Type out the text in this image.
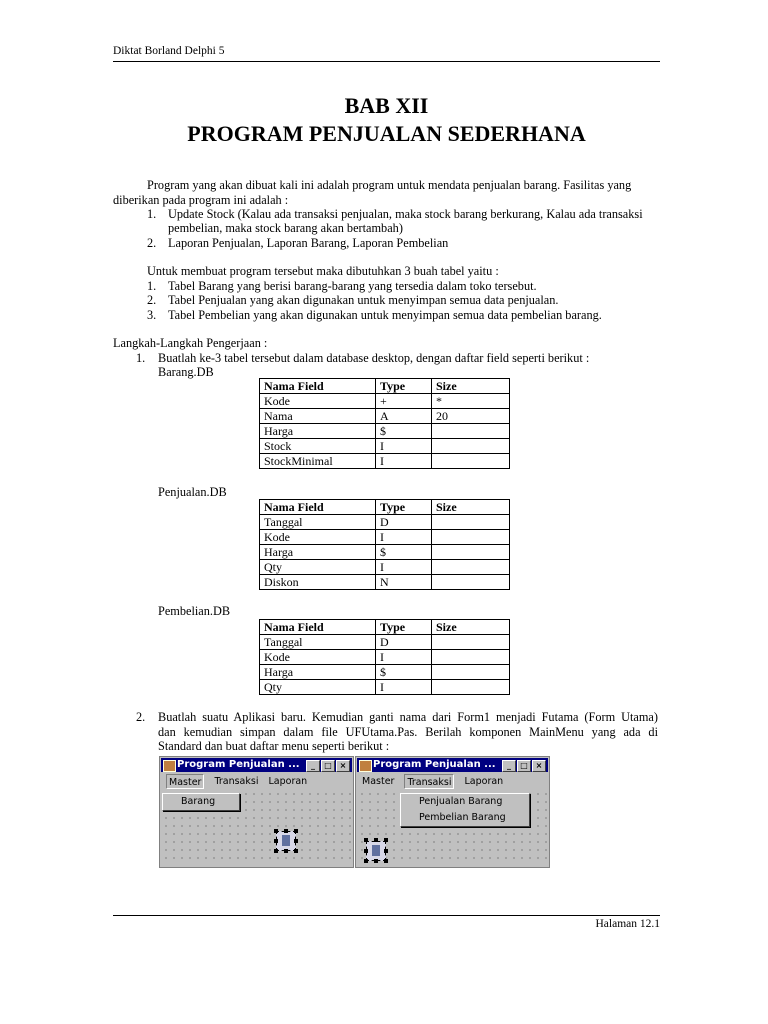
Diktat Borland Delphi 5
BAB XII
PROGRAM PENJUALAN SEDERHANA
Program yang akan dibuat kali ini adalah program untuk mendata penjualan barang. Fasilitas yang
diberikan pada program ini adalah :
1. Update Stock (Kalau ada transaksi penjualan, maka stock barang berkurang, Kalau ada transaksi
pembelian, maka stock barang akan bertambah)
2. Laporan Penjualan, Laporan Barang, Laporan Pembelian
Untuk membuat program tersebut maka dibutuhkan 3 buah tabel yaitu :
1. Tabel Barang yang berisi barang-barang yang tersedia dalam toko tersebut.
2. Tabel Penjualan yang akan digunakan untuk menyimpan semua data penjualan.
3. Tabel Pembelian yang akan digunakan untuk menyimpan semua data pembelian barang.
Langkah-Langkah Pengerjaan :
1. Buatlah ke-3 tabel tersebut dalam database desktop, dengan daftar field seperti berikut :
Barang.DB
Nama Field	Type	Size
Kode	+	*
Nama	A	20
Harga	$	
Stock	I	
StockMinimal	I	
Penjualan.DB
Nama Field	Type	Size
Tanggal	D	
Kode	I	
Harga	$	
Qty	I	
Diskon	N	
Pembelian.DB
Nama Field	Type	Size
Tanggal	D	
Kode	I	
Harga	$	
Qty	I	
2. Buatlah suatu Aplikasi baru. Kemudian ganti nama dari Form1 menjadi Futama (Form Utama)
dan kemudian simpan dalam file UFUtama.Pas. Berilah komponen MainMenu yang ada di
Standard dan buat daftar menu seperti berikut :
Program Penjualan ...	_	□ ×
Master	Transaksi Laporan
Barang
Program Penjualan ...	_	□ ×
Master	Transaksi	Laporan
Penjualan Barang
Pembelian Barang
Halaman 12.1
